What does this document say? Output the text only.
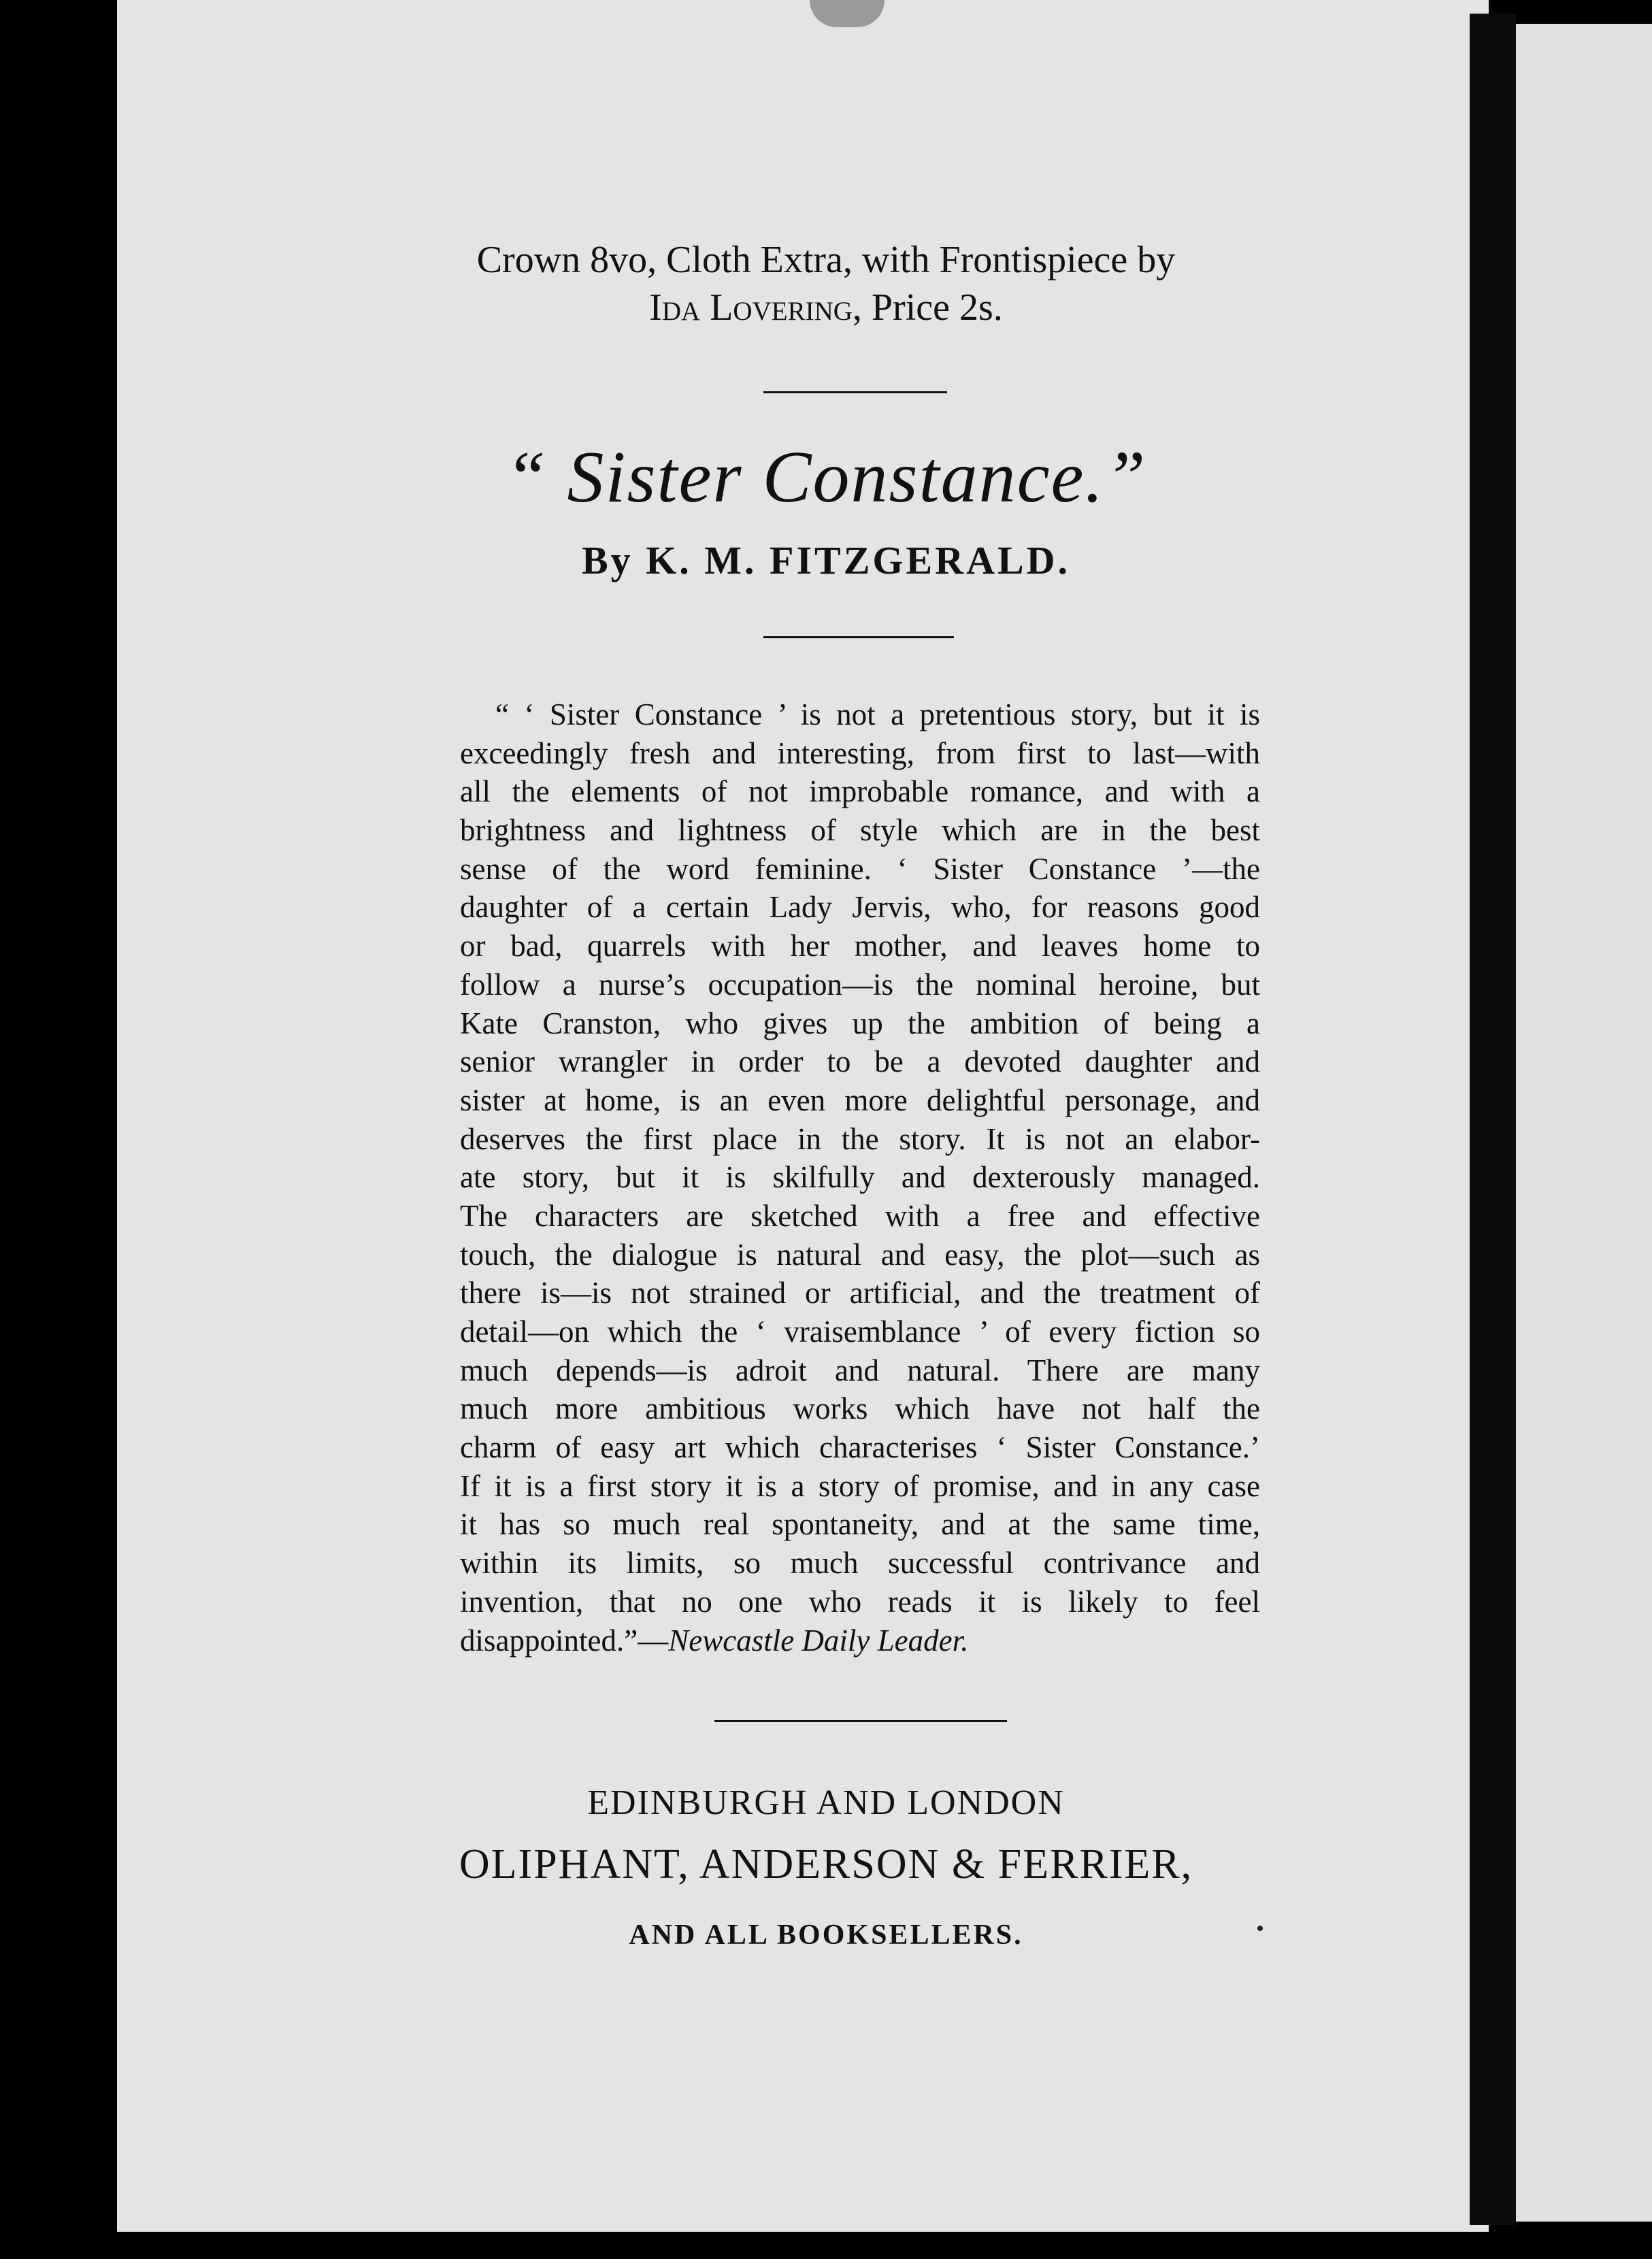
Crown 8vo, Cloth Extra, with Frontispiece by
Ida Lovering, Price 2s.
“ Sister Constance.”
By K. M. FITZGERALD.
“ ‘ Sister Constance ’ is not a pretentious story, but it is
exceedingly fresh and interesting, from first to last—with
all the elements of not improbable romance, and with a
brightness and lightness of style which are in the best
sense of the word feminine. ‘ Sister Constance ’—the
daughter of a certain Lady Jervis, who, for reasons good
or bad, quarrels with her mother, and leaves home to
follow a nurse’s occupation—is the nominal heroine, but
Kate Cranston, who gives up the ambition of being a
senior wrangler in order to be a devoted daughter and
sister at home, is an even more delightful personage, and
deserves the first place in the story. It is not an elabor-
ate story, but it is skilfully and dexterously managed.
The characters are sketched with a free and effective
touch, the dialogue is natural and easy, the plot—such as
there is—is not strained or artificial, and the treatment of
detail—on which the ‘ vraisemblance ’ of every fiction so
much depends—is adroit and natural. There are many
much more ambitious works which have not half the
charm of easy art which characterises ‘ Sister Constance.’
If it is a first story it is a story of promise, and in any case
it has so much real spontaneity, and at the same time,
within its limits, so much successful contrivance and
invention, that no one who reads it is likely to feel
disappointed.”—Newcastle Daily Leader.
EDINBURGH AND LONDON
OLIPHANT, ANDERSON & FERRIER,
AND ALL BOOKSELLERS.
